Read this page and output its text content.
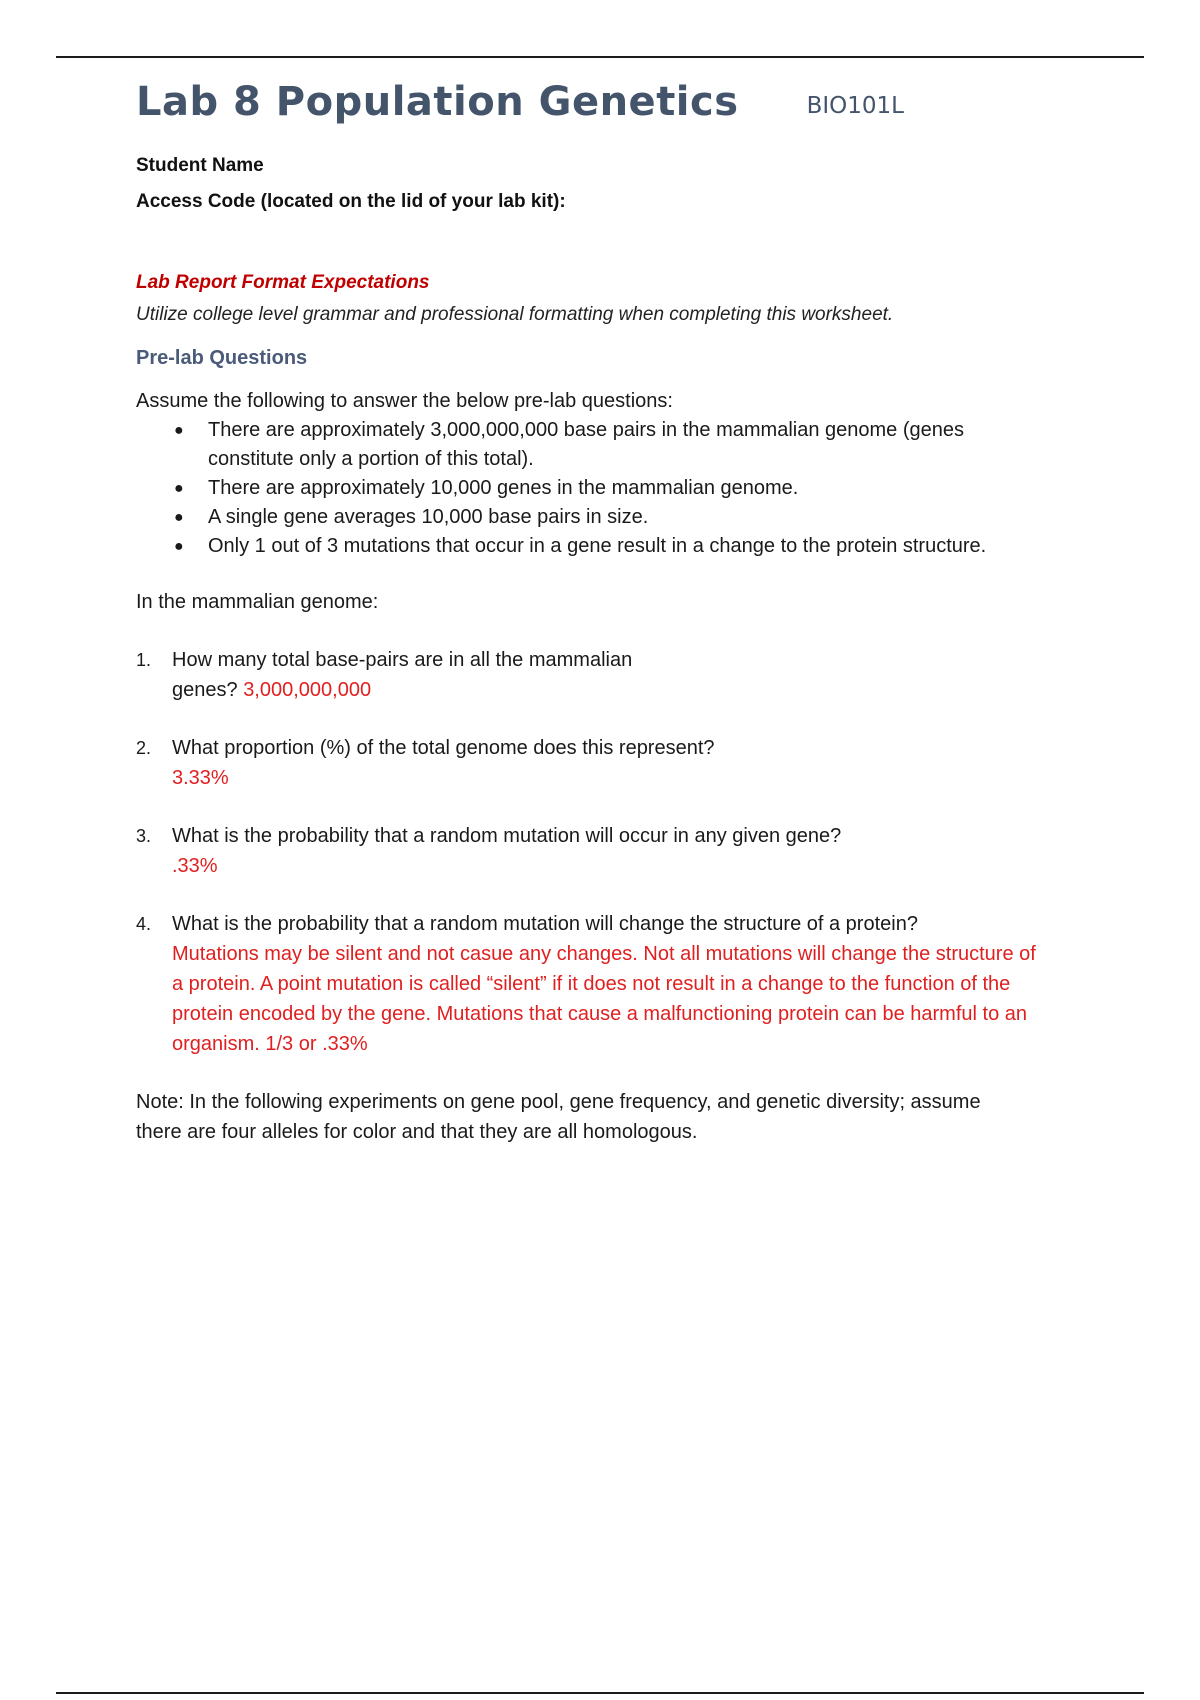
Lab 8 Population Genetics	BIO101L
Student Name
Access Code (located on the lid of your lab kit):
Lab Report Format Expectations
Utilize college level grammar and professional formatting when completing this worksheet.
Pre-lab Questions
Assume the following to answer the below pre-lab questions:
● There are approximately 3,000,000,000 base pairs in the mammalian genome (genes constitute only a portion of this total).
● There are approximately 10,000 genes in the mammalian genome.
● A single gene averages 10,000 base pairs in size.
● Only 1 out of 3 mutations that occur in a gene result in a change to the protein structure.
In the mammalian genome:
1. How many total base-pairs are in all the mammalian genes? 3,000,000,000
2. What proportion (%) of the total genome does this represent?
3.33%
3. What is the probability that a random mutation will occur in any given gene?
.33%
4. What is the probability that a random mutation will change the structure of a protein?
Mutations may be silent and not casue any changes. Not all mutations will change the structure of a protein. A point mutation is called “silent” if it does not result in a change to the function of the protein encoded by the gene. Mutations that cause a malfunctioning protein can be harmful to an organism. 1/3 or .33%
Note: In the following experiments on gene pool, gene frequency, and genetic diversity; assume there are four alleles for color and that they are all homologous.
